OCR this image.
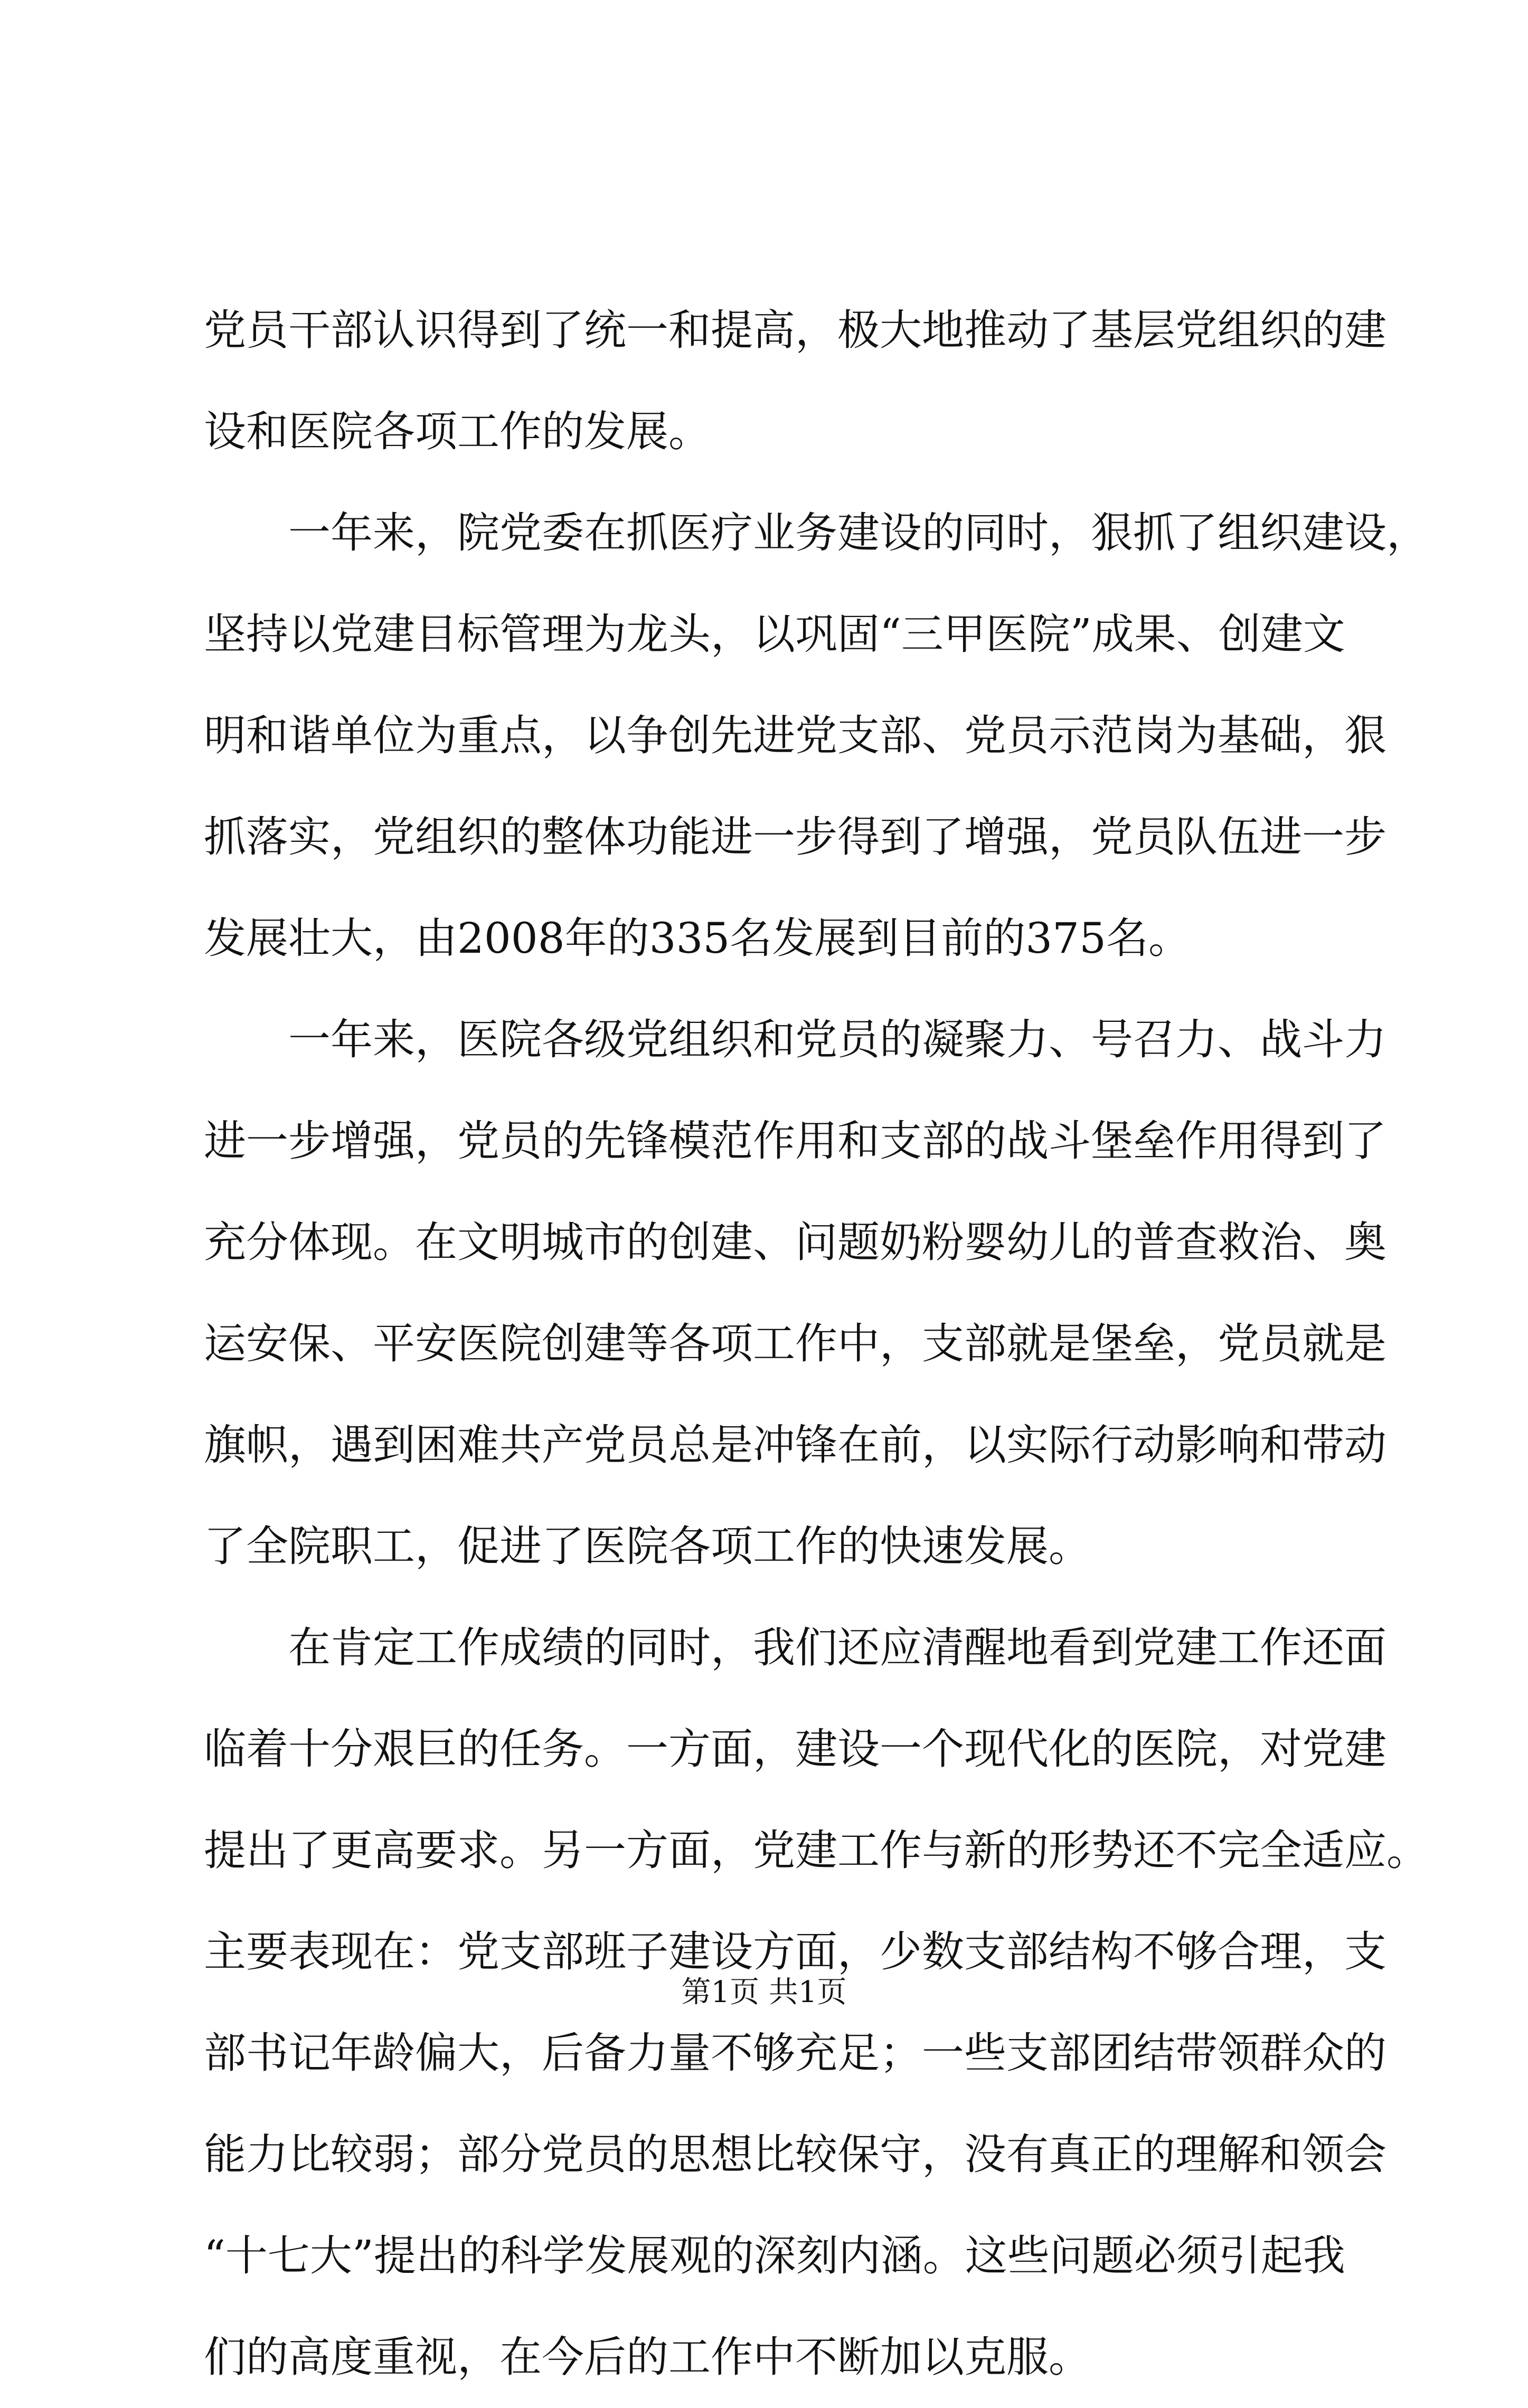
党员干部认识得到了统一和提高，极大地推动了基层党组织的建
设和医院各项工作的发展。

一年来，院党委在抓医疗业务建设的同时，狠抓了组织建设，
坚持以党建目标管理为龙头，以巩固“三甲医院”成果、创建文
明和谐单位为重点，以争创先进党支部、党员示范岗为基础，狠
抓落实，党组织的整体功能进一步得到了增强，党员队伍进一步
发展壮大，由2008年的335名发展到目前的375名。

一年来，医院各级党组织和党员的凝聚力、号召力、战斗力
进一步增强，党员的先锋模范作用和支部的战斗堡垒作用得到了
充分体现。在文明城市的创建、问题奶粉婴幼儿的普查救治、奥
运安保、平安医院创建等各项工作中，支部就是堡垒，党员就是
旗帜，遇到困难共产党员总是冲锋在前，以实际行动影响和带动
了全院职工，促进了医院各项工作的快速发展。

在肯定工作成绩的同时，我们还应清醒地看到党建工作还面
临着十分艰巨的任务。一方面，建设一个现代化的医院，对党建
提出了更高要求。另一方面，党建工作与新的形势还不完全适应。
主要表现在：党支部班子建设方面，少数支部结构不够合理，支
部书记年龄偏大，后备力量不够充足；一些支部团结带领群众的
能力比较弱；部分党员的思想比较保守，没有真正的理解和领会
“十七大”提出的科学发展观的深刻内涵。这些问题必须引起我
们的高度重视，在今后的工作中不断加以克服。

第1页 共1页
